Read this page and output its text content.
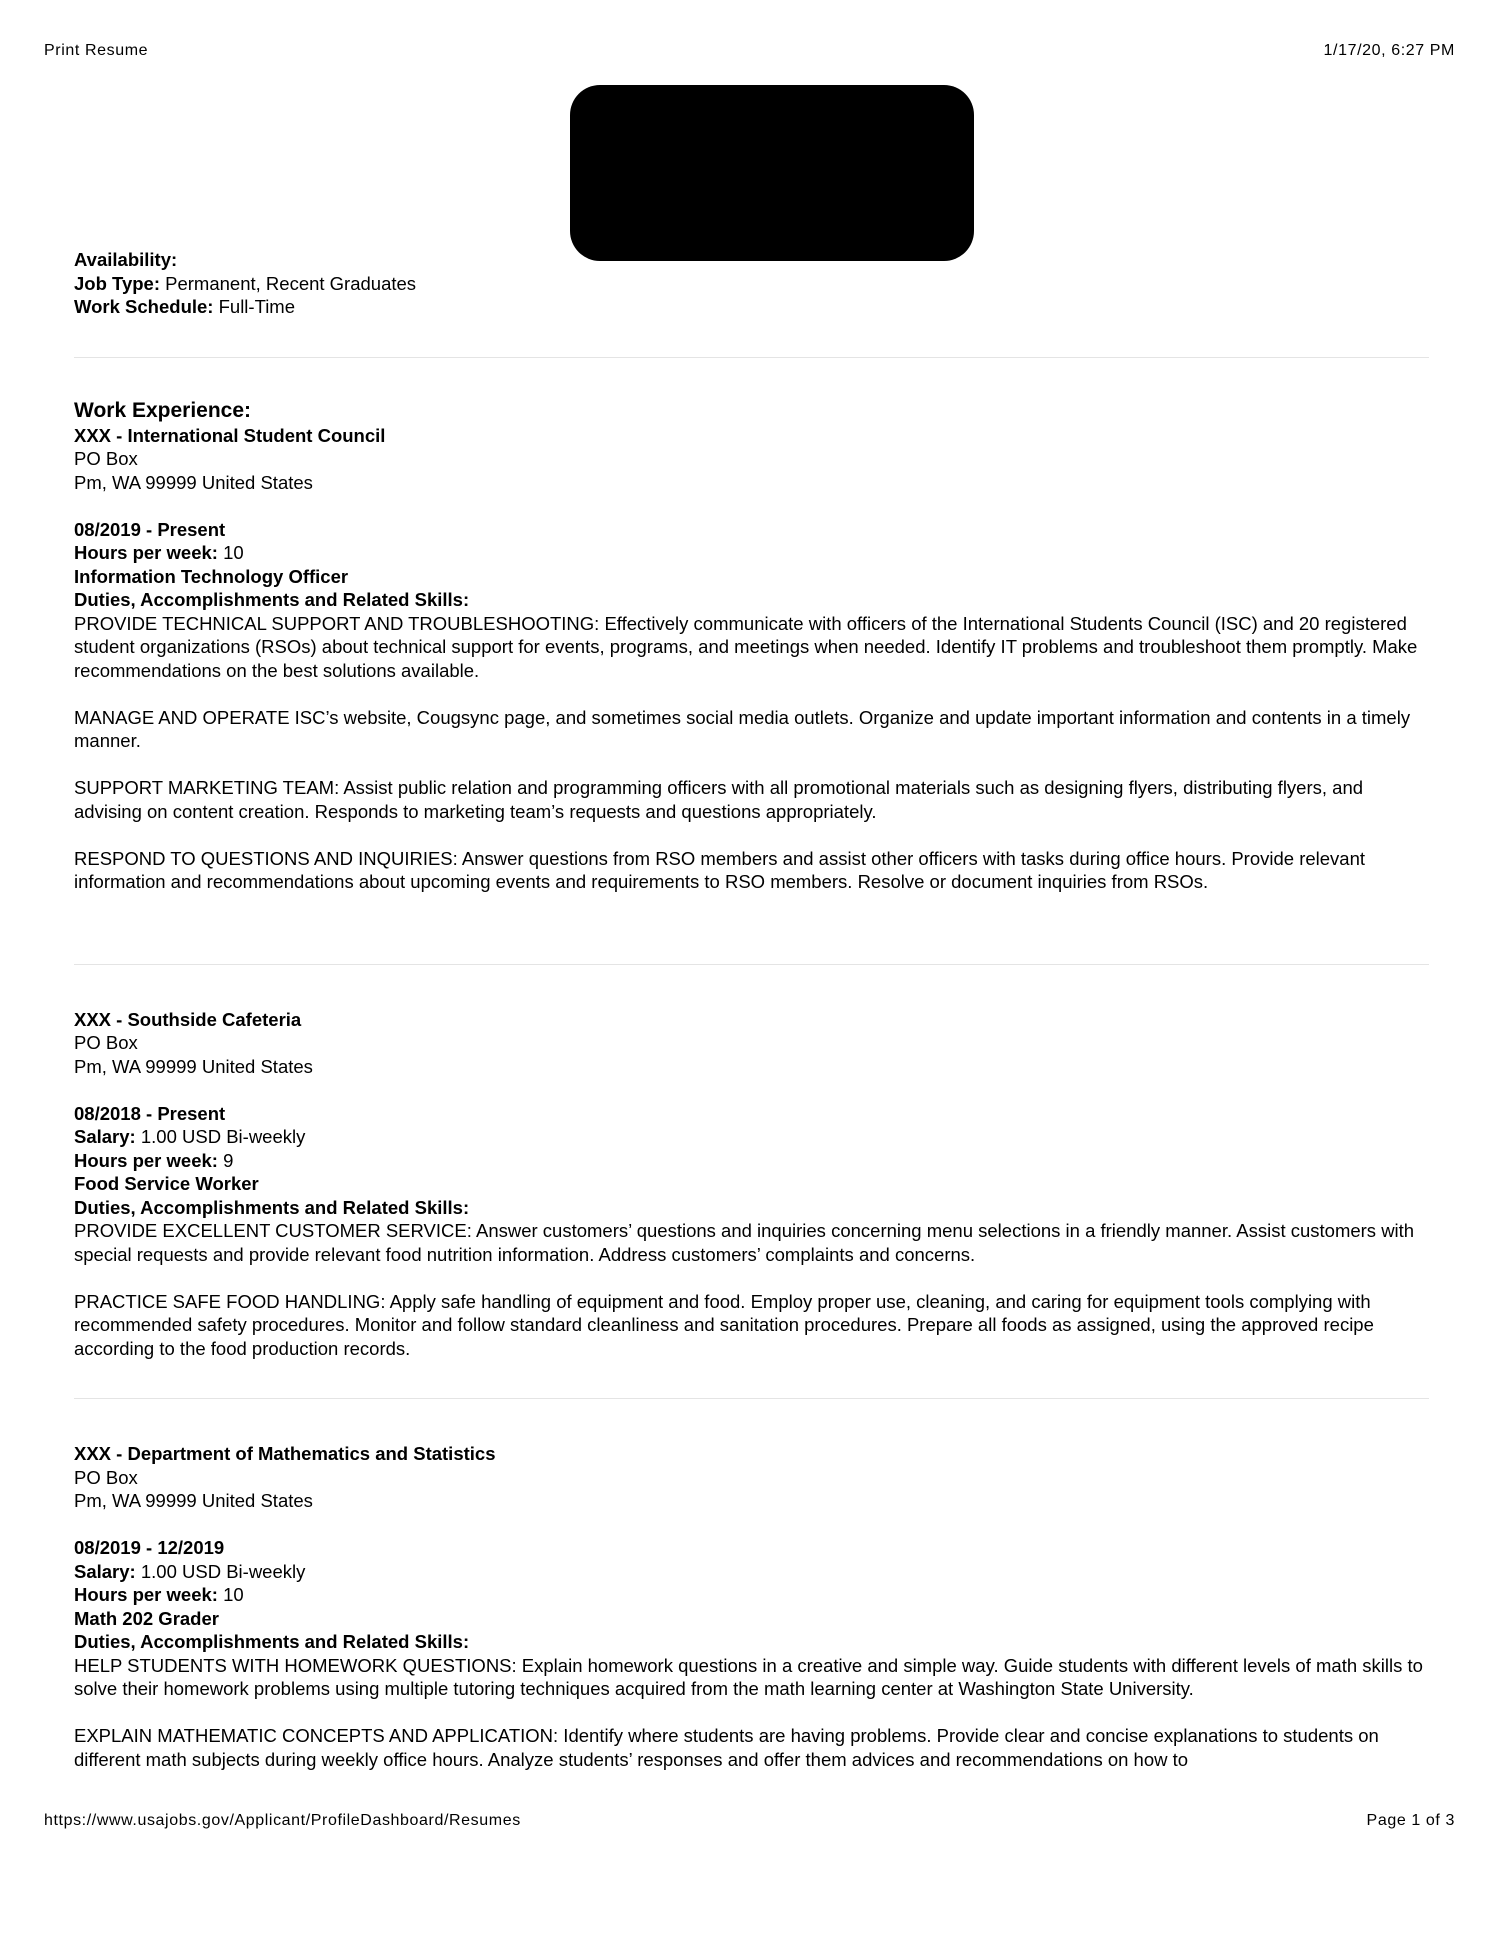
Print Resume	1/17/20, 6:27 PM
Availability:
Job Type: Permanent, Recent Graduates
Work Schedule: Full-Time
Work Experience:
XXX - International Student Council
PO Box
Pm, WA 99999 United States
08/2019 - Present
Hours per week: 10
Information Technology Officer
Duties, Accomplishments and Related Skills:

PROVIDE TECHNICAL SUPPORT AND TROUBLESHOOTING: Effectively communicate with officers of the International Students Council (ISC) and 20 registered student organizations (RSOs) about technical support for events, programs, and meetings when needed. Identify IT problems and troubleshoot them promptly. Make recommendations on the best solutions available.

MANAGE AND OPERATE ISC’s website, Cougsync page, and sometimes social media outlets. Organize and update important information and contents in a timely manner.

SUPPORT MARKETING TEAM: Assist public relation and programming officers with all promotional materials such as designing flyers, distributing flyers, and advising on content creation. Responds to marketing team’s requests and questions appropriately.

RESPOND TO QUESTIONS AND INQUIRIES: Answer questions from RSO members and assist other officers with tasks during office hours. Provide relevant information and recommendations about upcoming events and requirements to RSO members. Resolve or document inquiries from RSOs.

XXX - Southside Cafeteria
PO Box
Pm, WA 99999 United States
08/2018 - Present
Salary: 1.00 USD Bi-weekly
Hours per week: 9
Food Service Worker
Duties, Accomplishments and Related Skills:

PROVIDE EXCELLENT CUSTOMER SERVICE: Answer customers’ questions and inquiries concerning menu selections in a friendly manner. Assist customers with special requests and provide relevant food nutrition information. Address customers’ complaints and concerns.

PRACTICE SAFE FOOD HANDLING: Apply safe handling of equipment and food. Employ proper use, cleaning, and caring for equipment tools complying with recommended safety procedures. Monitor and follow standard cleanliness and sanitation procedures. Prepare all foods as assigned, using the approved recipe according to the food production records.

XXX - Department of Mathematics and Statistics
PO Box
Pm, WA 99999 United States
08/2019 - 12/2019
Salary: 1.00 USD Bi-weekly
Hours per week: 10
Math 202 Grader
Duties, Accomplishments and Related Skills:

HELP STUDENTS WITH HOMEWORK QUESTIONS: Explain homework questions in a creative and simple way. Guide students with different levels of math skills to solve their homework problems using multiple tutoring techniques acquired from the math learning center at Washington State University.

EXPLAIN MATHEMATIC CONCEPTS AND APPLICATION: Identify where students are having problems. Provide clear and concise explanations to students on different math subjects during weekly office hours. Analyze students’ responses and offer them advices and recommendations on how to

https://www.usajobs.gov/Applicant/ProfileDashboard/Resumes	Page 1 of 3
